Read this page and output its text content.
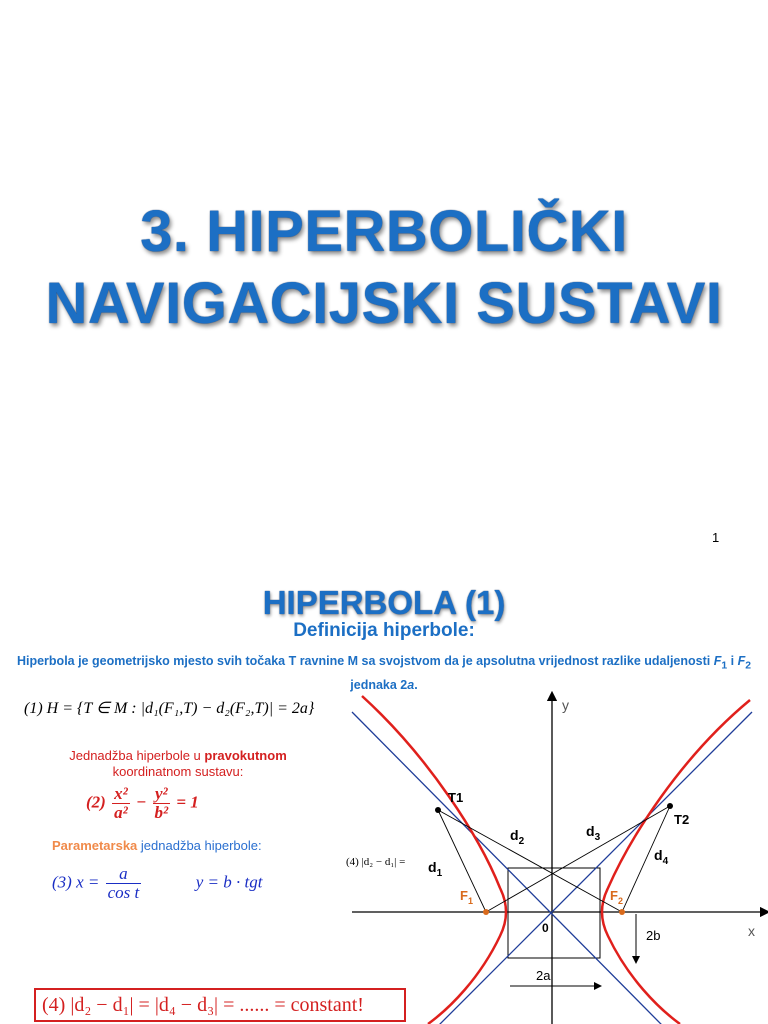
3. HIPERBOLIČKI
NAVIGACIJSKI SUSTAVI
1
HIPERBOLA (1)
Definicija hiperbole:
Hiperbola je geometrijsko mjesto svih točaka T ravnine M sa svojstvom da je apsolutna vrijednost razlike udaljenosti $F_1$ i $F_2$ jednaka 2a.
(1) H = {T ∈ M : |d₁(F₁,T) − d₂(F₂,T)| = 2a}
Jednadžba hiperbole u pravokutnom
koordinatnom sustavu:
$(2) \frac{\text{x²}}{\text{a²}} - \frac{\text{y²}}{\text{b²}} = 1$
Parametarska jednadžba hiperbole:
(3) $x = \frac{a}{\text{cos t}}$	y = b · tgt
(4) |d₂ − d₁| =
(4) |d₂ − d₁| = |d₄ − d₃| = ...... = constant!
y
x
0
T1
T2
$F_1$	$F_2$
$d_1$
$d_2$
$d_3$
$d_4$
2b
2a
